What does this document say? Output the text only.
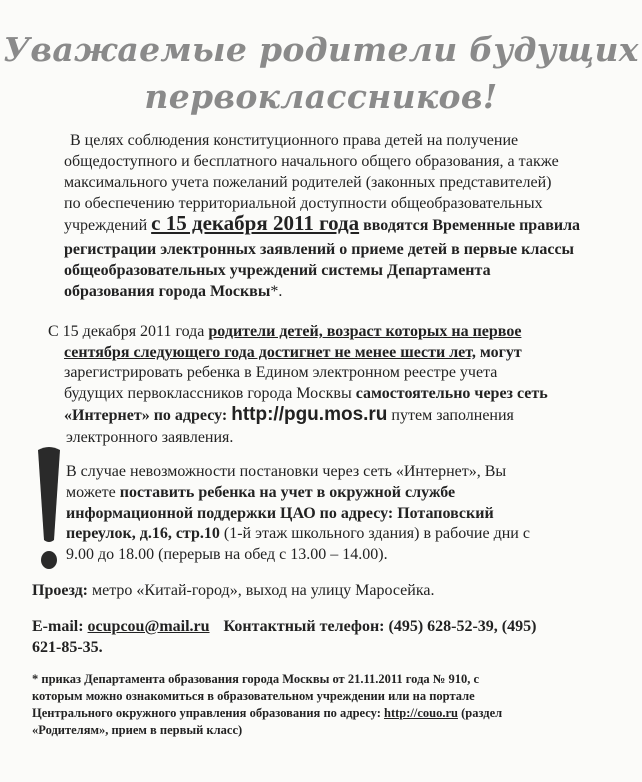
Уважаемые родители будущих
первоклассников!
В целях соблюдения конституционного права детей на получение
общедоступного и бесплатного начального общего образования, а также
максимального учета пожеланий родителей (законных представителей)
по обеспечению территориальной доступности общеобразовательных
учреждений с 15 декабря 2011 года вводятся Временные правила
регистрации электронных заявлений о приеме детей в первые классы
общеобразовательных учреждений системы Департамента
образования города Москвы*.
С 15 декабря 2011 года родители детей, возраст которых на первое
сентября следующего года достигнет не менее шести лет, могут
зарегистрировать ребенка в Едином электронном реестре учета
будущих первоклассников города Москвы самостоятельно через сеть
«Интернет» по адресу: http://pgu.mos.ru путем заполнения
электронного заявления.
В случае невозможности постановки через сеть «Интернет», Вы
можете поставить ребенка на учет в окружной службе
информационной поддержки ЦАО по адресу: Потаповский
переулок, д.16, стр.10 (1-й этаж школьного здания) в рабочие дни с
9.00 до 18.00 (перерыв на обед с 13.00 – 14.00).
Проезд: метро «Китай-город», выход на улицу Маросейка.
E-mail: ocupcou@mail.ru Контактный телефон: (495) 628-52-39, (495)
621-85-35.
* приказ Департамента образования города Москвы от 21.11.2011 года № 910, с
которым можно ознакомиться в образовательном учреждении или на портале
Центрального окружного управления образования по адресу: http://couo.ru (раздел
«Родителям», прием в первый класс)
